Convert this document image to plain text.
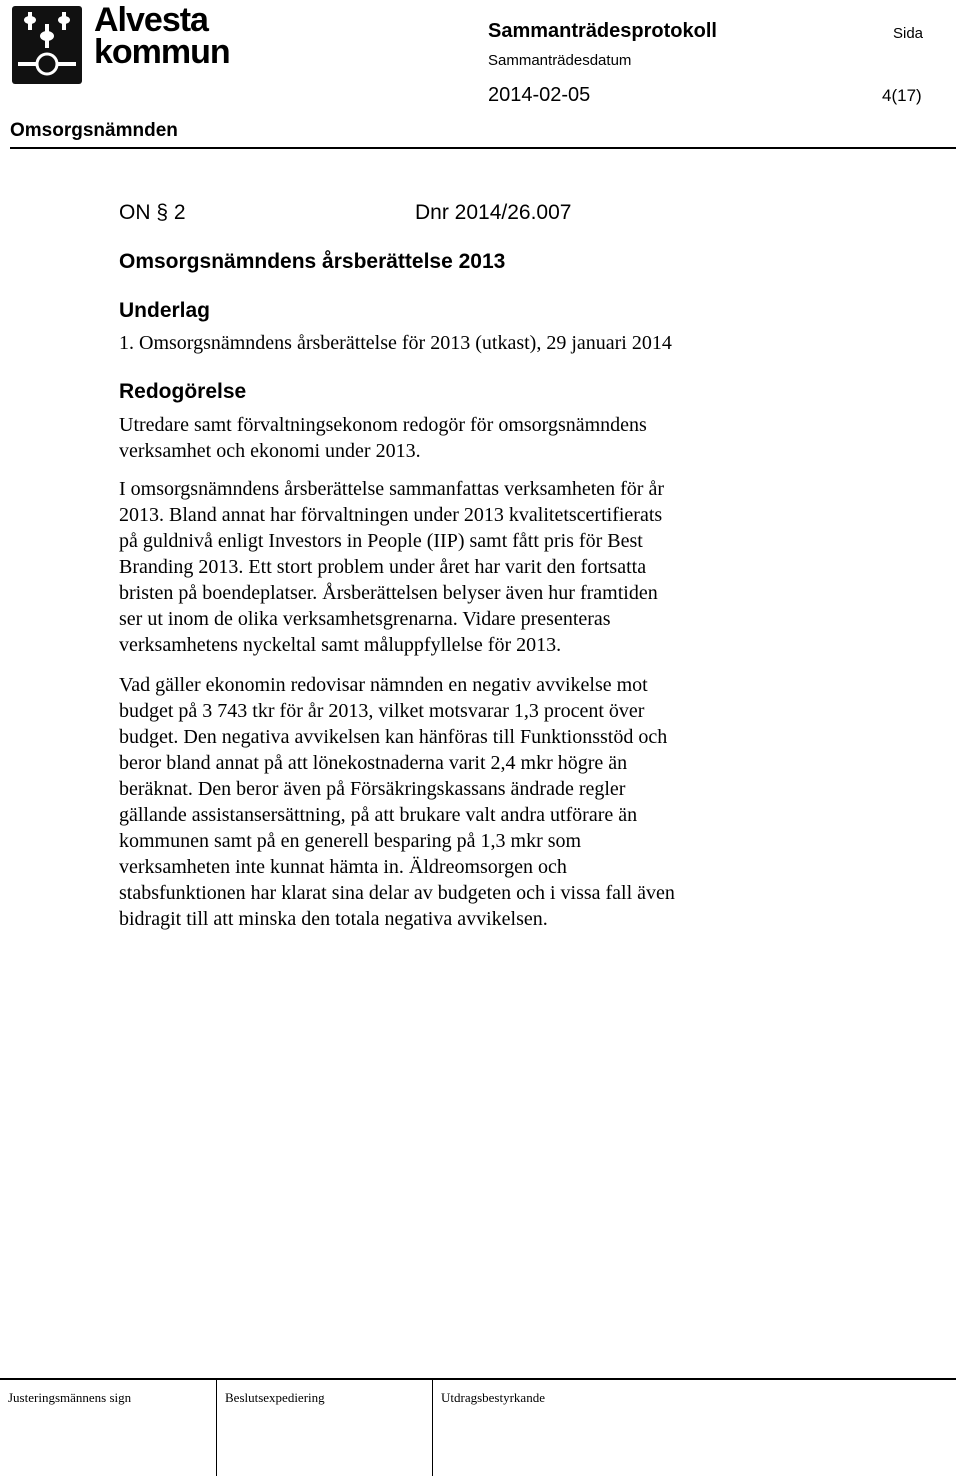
Alvesta
kommun
Sammanträdesprotokoll	Sida
Sammanträdesdatum
2014-02-05	4(17)
Omsorgsnämnden
ON § 2	Dnr 2014/26.007
Omsorgsnämndens årsberättelse 2013
Underlag
1. Omsorgsnämndens årsberättelse för 2013 (utkast), 29 januari 2014
Redogörelse
Utredare samt förvaltningsekonom redogör för omsorgsnämndens
verksamhet och ekonomi under 2013.
I omsorgsnämndens årsberättelse sammanfattas verksamheten för år
2013. Bland annat har förvaltningen under 2013 kvalitetscertifierats
på guldnivå enligt Investors in People (IIP) samt fått pris för Best
Branding 2013. Ett stort problem under året har varit den fortsatta
bristen på boendeplatser. Årsberättelsen belyser även hur framtiden
ser ut inom de olika verksamhetsgrenarna. Vidare presenteras
verksamhetens nyckeltal samt måluppfyllelse för 2013.
Vad gäller ekonomin redovisar nämnden en negativ avvikelse mot
budget på 3 743 tkr för år 2013, vilket motsvarar 1,3 procent över
budget. Den negativa avvikelsen kan hänföras till Funktionsstöd och
beror bland annat på att lönekostnaderna varit 2,4 mkr högre än
beräknat. Den beror även på Försäkringskassans ändrade regler
gällande assistansersättning, på att brukare valt andra utförare än
kommunen samt på en generell besparing på 1,3 mkr som
verksamheten inte kunnat hämta in. Äldreomsorgen och
stabsfunktionen har klarat sina delar av budgeten och i vissa fall även
bidragit till att minska den totala negativa avvikelsen.
Justeringsmännens sign	Beslutsexpediering	Utdragsbestyrkande
